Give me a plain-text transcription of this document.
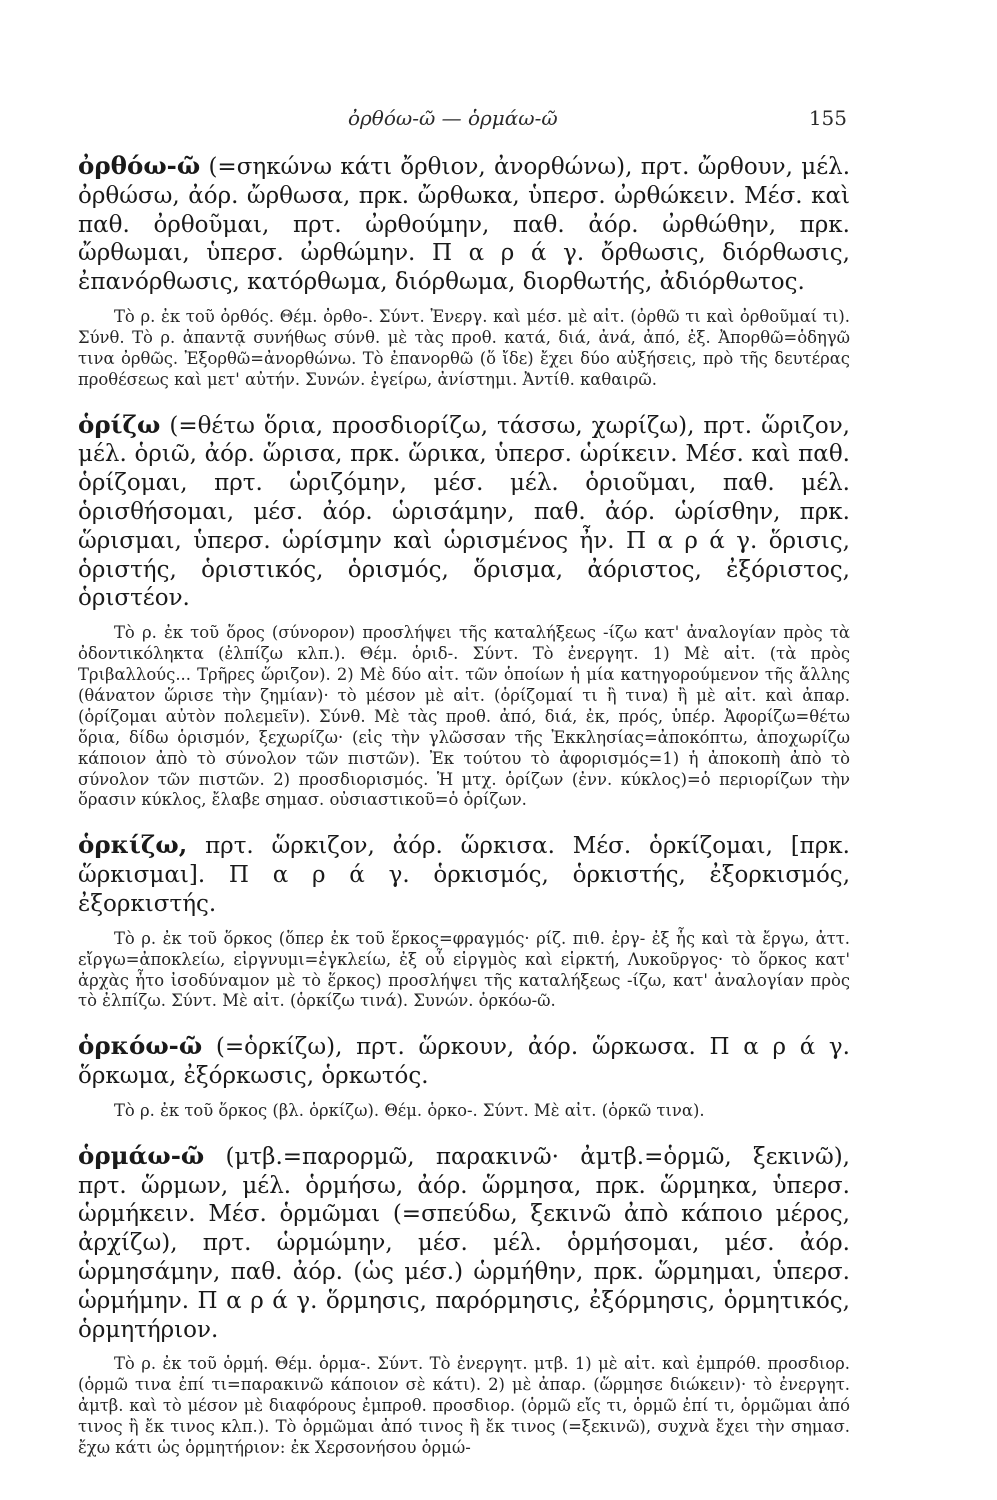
ὀρθόω-ῶ — ὁρμάω-ῶ	155

ὀρθόω-ῶ (=σηκώνω κάτι ὄρθιον, ἀνορθώνω), πρτ. ὤρθουν, μέλ. ὀρθώσω, ἀόρ. ὤρθωσα, πρκ. ὤρθωκα, ὑπερσ. ὠρθώκειν. Μέσ. καὶ παθ. ὀρθοῦμαι, πρτ. ὠρθούμην, παθ. ἀόρ. ὠρθώθην, πρκ. ὤρθωμαι, ὑπερσ. ὠρθώμην. Π α ρ ά γ. ὄρθωσις, διόρθωσις, ἐπανόρθωσις, κατόρθωμα, διόρθωμα, διορθωτής, ἀδιόρθωτος.

Τὸ ρ. ἐκ τοῦ ὀρθός. Θέμ. ὀρθο-. Σύντ. Ἐνεργ. καὶ μέσ. μὲ αἰτ. (ὀρθῶ τι καὶ ὀρθοῦμαί τι). Σύνθ. Τὸ ρ. ἀπαντᾷ συνήθως σύνθ. μὲ τὰς προθ. κατά, διά, ἀνά, ἀπό, ἐξ. Ἀπορθῶ=ὁδηγῶ τινα ὀρθῶς. Ἐξορθῶ=ἀνορθώνω. Τὸ ἐπανορθῶ (ὅ ἴδε) ἔχει δύο αὐξήσεις, πρὸ τῆς δευτέρας προθέσεως καὶ μετ' αὐτήν. Συνών. ἐγείρω, ἀνίστημι. Ἀντίθ. καθαιρῶ.

ὁρίζω (=θέτω ὅρια, προσδιορίζω, τάσσω, χωρίζω), πρτ. ὥριζον, μέλ. ὁριῶ, ἀόρ. ὥρισα, πρκ. ὥρικα, ὑπερσ. ὡρίκειν. Μέσ. καὶ παθ. ὁρίζομαι, πρτ. ὡριζόμην, μέσ. μέλ. ὁριοῦμαι, παθ. μέλ. ὁρισθήσομαι, μέσ. ἀόρ. ὡρισάμην, παθ. ἀόρ. ὡρίσθην, πρκ. ὥρισμαι, ὑπερσ. ὡρίσμην καὶ ὡρισμένος ἦν. Π α ρ ά γ. ὅρισις, ὁριστής, ὁριστικός, ὁρισμός, ὅρισμα, ἀόριστος, ἐξόριστος, ὁριστέον.

Τὸ ρ. ἐκ τοῦ ὅρος (σύνορον) προσλήψει τῆς καταλήξεως -ίζω κατ' ἀναλογίαν πρὸς τὰ ὀδοντικόληκτα (ἐλπίζω κλπ.). Θέμ. ὁριδ-. Σύντ. Τὸ ἐνεργητ. 1) Μὲ αἰτ. (τὰ πρὸς Τριβαλλούς... Τρῆρες ὥριζον). 2) Μὲ δύο αἰτ. τῶν ὁποίων ἡ μία κατηγορούμενον τῆς ἄλλης (θάνατον ὥρισε τὴν ζημίαν)· τὸ μέσον μὲ αἰτ. (ὁρίζομαί τι ἢ τινα) ἢ μὲ αἰτ. καὶ ἀπαρ. (ὁρίζομαι αὐτὸν πολεμεῖν). Σύνθ. Μὲ τὰς προθ. ἀπό, διά, ἐκ, πρός, ὑπέρ. Ἀφορίζω=θέτω ὅρια, δίδω ὁρισμόν, ξεχωρίζω· (εἰς τὴν γλῶσσαν τῆς Ἐκκλησίας=ἀποκόπτω, ἀποχωρίζω κάποιον ἀπὸ τὸ σύνολον τῶν πιστῶν). Ἐκ τούτου τὸ ἀφορισμός=1) ἡ ἀποκοπὴ ἀπὸ τὸ σύνολον τῶν πιστῶν. 2) προσδιορισμός. Ἡ μτχ. ὁρίζων (ἐνν. κύκλος)=ὁ περιορίζων τὴν ὅρασιν κύκλος, ἔλαβε σημασ. οὐσιαστικοῦ=ὁ ὁρίζων.

ὁρκίζω, πρτ. ὥρκιζον, ἀόρ. ὥρκισα. Μέσ. ὁρκίζομαι, [πρκ. ὥρκισμαι]. Π α ρ ά γ. ὁρκισμός, ὁρκιστής, ἐξορκισμός, ἐξορκιστής.

Τὸ ρ. ἐκ τοῦ ὅρκος (ὅπερ ἐκ τοῦ ἕρκος=φραγμός· ρίζ. πιθ. ἐργ- ἐξ ἧς καὶ τὰ ἔργω, ἀττ. εἴργω=ἀποκλείω, εἰργνυμι=ἐγκλείω, ἐξ οὗ εἱργμὸς καὶ εἱρκτή, Λυκοῦργος· τὸ ὅρκος κατ' ἀρχὰς ἦτο ἰσοδύναμον μὲ τὸ ἕρκος) προσλήψει τῆς καταλήξεως -ίζω, κατ' ἀναλογίαν πρὸς τὸ ἐλπίζω. Σύντ. Μὲ αἰτ. (ὁρκίζω τινά). Συνών. ὁρκόω-ῶ.

ὁρκόω-ῶ (=ὁρκίζω), πρτ. ὥρκουν, ἀόρ. ὥρκωσα. Π α ρ ά γ. ὅρκωμα, ἐξόρκωσις, ὁρκωτός.

Τὸ ρ. ἐκ τοῦ ὅρκος (βλ. ὁρκίζω). Θέμ. ὁρκο-. Σύντ. Μὲ αἰτ. (ὁρκῶ τινα).

ὁρμάω-ῶ (μτβ.=παρορμῶ, παρακινῶ· ἀμτβ.=ὁρμῶ, ξεκινῶ), πρτ. ὥρμων, μέλ. ὁρμήσω, ἀόρ. ὥρμησα, πρκ. ὥρμηκα, ὑπερσ. ὡρμήκειν. Μέσ. ὁρμῶμαι (=σπεύδω, ξεκινῶ ἀπὸ κάποιο μέρος, ἀρχίζω), πρτ. ὡρμώμην, μέσ. μέλ. ὁρμήσομαι, μέσ. ἀόρ. ὡρμησάμην, παθ. ἀόρ. (ὡς μέσ.) ὡρμήθην, πρκ. ὥρμημαι, ὑπερσ. ὡρμήμην. Π α ρ ά γ. ὅρμησις, παρόρμησις, ἐξόρμησις, ὁρμητικός, ὁρμητήριον.

Τὸ ρ. ἐκ τοῦ ὁρμή. Θέμ. ὁρμα-. Σύντ. Τὸ ἐνεργητ. μτβ. 1) μὲ αἰτ. καὶ ἐμπρόθ. προσδιορ. (ὁρμῶ τινα ἐπί τι=παρακινῶ κάποιον σὲ κάτι). 2) μὲ ἀπαρ. (ὥρμησε διώκειν)· τὸ ἐνεργητ. ἀμτβ. καὶ τὸ μέσον μὲ διαφόρους ἐμπροθ. προσδιορ. (ὁρμῶ εἴς τι, ὁρμῶ ἐπί τι, ὁρμῶμαι ἀπό τινος ἢ ἔκ τινος κλπ.). Τὸ ὁρμῶμαι ἀπό τινος ἢ ἔκ τινος (=ξεκινῶ), συχνὰ ἔχει τὴν σημασ. ἔχω κάτι ὡς ὁρμητήριον: ἐκ Χερσονήσου ὁρμώ-
